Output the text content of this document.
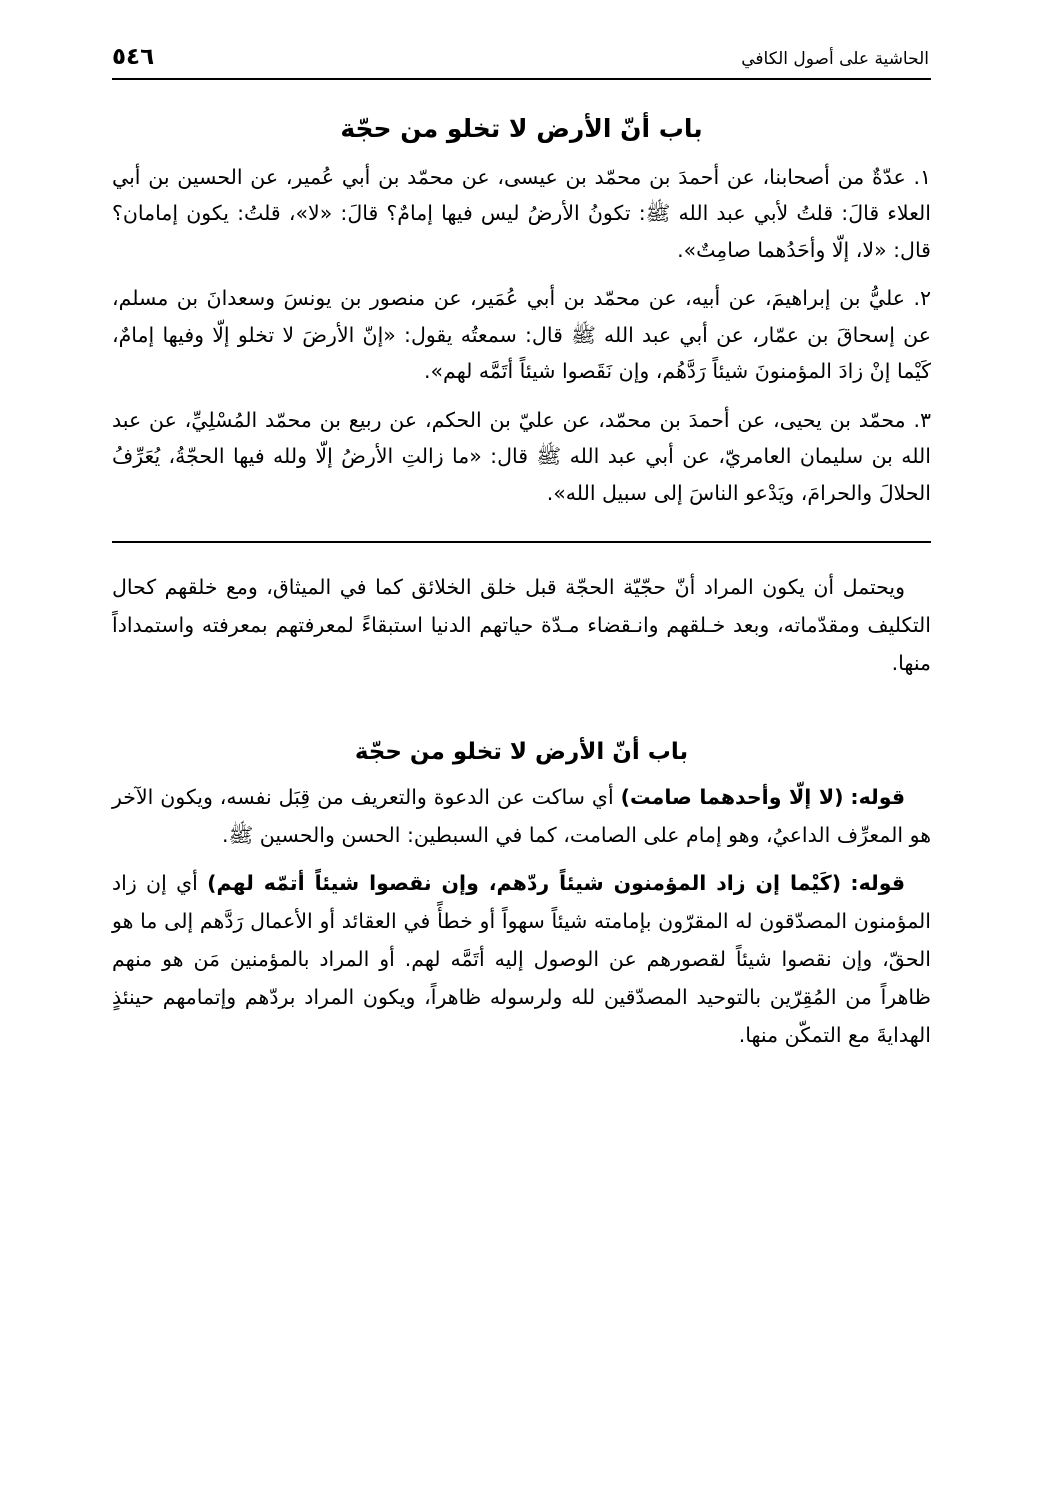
الحاشية على أصول الكافي
٥٤٦
باب أنّ الأرض لا تخلو من حجّة

١. عدّةٌ من أصحابنا، عن أحمدَ بن محمّد بن عيسى، عن محمّد بن أبي عُمير، عن الحسين بن أبي العلاء قالَ: قلتُ لأبي عبد الله ﷺ: تكونُ الأرضُ ليس فيها إمامٌ؟ قالَ: «لا»، قلتُ: يكون إمامان؟ قال: «لا، إلّا وأحَدُهما صامِتٌ».

٢. عليُّ بن إبراهيمَ، عن أبيه، عن محمّد بن أبي عُمَير، عن منصور بن يونسَ وسعدانَ بن مسلم، عن إسحاقَ بن عمّار، عن أبي عبد الله ﷺ قال: سمعتُه يقول: «إنّ الأرضَ لا تخلو إلّا وفيها إمامٌ، كَيْما إنْ زادَ المؤمنونَ شيئاً رَدَّهُم، وإن نَقَصوا شيئاً أتَمَّه لهم».

٣. محمّد بن يحيى، عن أحمدَ بن محمّد، عن عليّ بن الحكم، عن ربيع بن محمّد المُسْلِيِّ، عن عبد الله بن سليمان العامريّ، عن أبي عبد الله ﷺ قال: «ما زالتِ الأرضُ إلّا ولله فيها الحجّةُ، يُعَرِّفُ الحلالَ والحرامَ، ويَدْعو الناسَ إلى سبيل الله».

ويحتمل أن يكون المراد أنّ حجّيّة الحجّة قبل خلق الخلائق كما في الميثاق، ومع خلقهم كحال التكليف ومقدّماته، وبعد خـلقهم وانـقضاء مـدّة حياتهم الدنيا استبقاءً لمعرفتهم بمعرفته واستمداداً منها.

باب أنّ الأرض لا تخلو من حجّة

قوله: (لا إلّا وأحدهما صامت) أي ساكت عن الدعوة والتعريف من قِبَل نفسه، ويكون الآخر هو المعرِّف الداعيُ، وهو إمام على الصامت، كما في السبطين: الحسن والحسين ﷺ.

قوله: (كَيْما إن زاد المؤمنون شيئاً ردّهم، وإن نقصوا شيئاً أتمّه لهم) أي إن زاد المؤمنون المصدّقون له المقرّون بإمامته شيئاً سهواً أو خطأً في العقائد أو الأعمال رَدَّهم إلى ما هو الحقّ، وإن نقصوا شيئاً لقصورهم عن الوصول إليه أتَمَّه لهم. أو المراد بالمؤمنين مَن هو منهم ظاهراً من المُقِرّين بالتوحيد المصدّقين لله ولرسوله ظاهراً، ويكون المراد بردّهم وإتمامهم حينئذٍ الهدايةَ مع التمكّن منها.
